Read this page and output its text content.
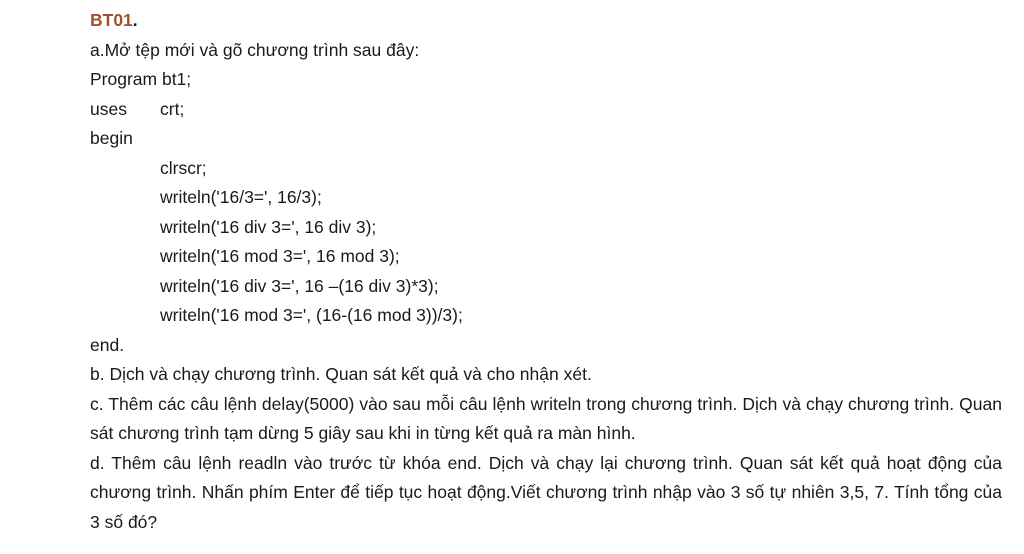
BT01.
a.Mở tệp mới và gõ chương trình sau đây:
Program bt1;
uses crt;
begin
clrscr;
writeln('16/3=', 16/3);
writeln('16 div 3=', 16 div 3);
writeln('16 mod 3=', 16 mod 3);
writeln('16 div 3=', 16 –(16 div 3)*3);
writeln('16 mod 3=', (16-(16 mod 3))/3);
end.
b. Dịch và chạy chương trình. Quan sát kết quả và cho nhận xét.
c. Thêm các câu lệnh delay(5000) vào sau mỗi câu lệnh writeln trong chương trình. Dịch và chạy chương trình. Quan sát chương trình tạm dừng 5 giây sau khi in từng kết quả ra màn hình.
d. Thêm câu lệnh readln vào trước từ khóa end. Dịch và chạy lại chương trình. Quan sát kết quả hoạt động của chương trình. Nhấn phím Enter để tiếp tục hoạt động.Viết chương trình nhập vào 3 số tự nhiên 3,5, 7. Tính tổng của 3 số đó?
